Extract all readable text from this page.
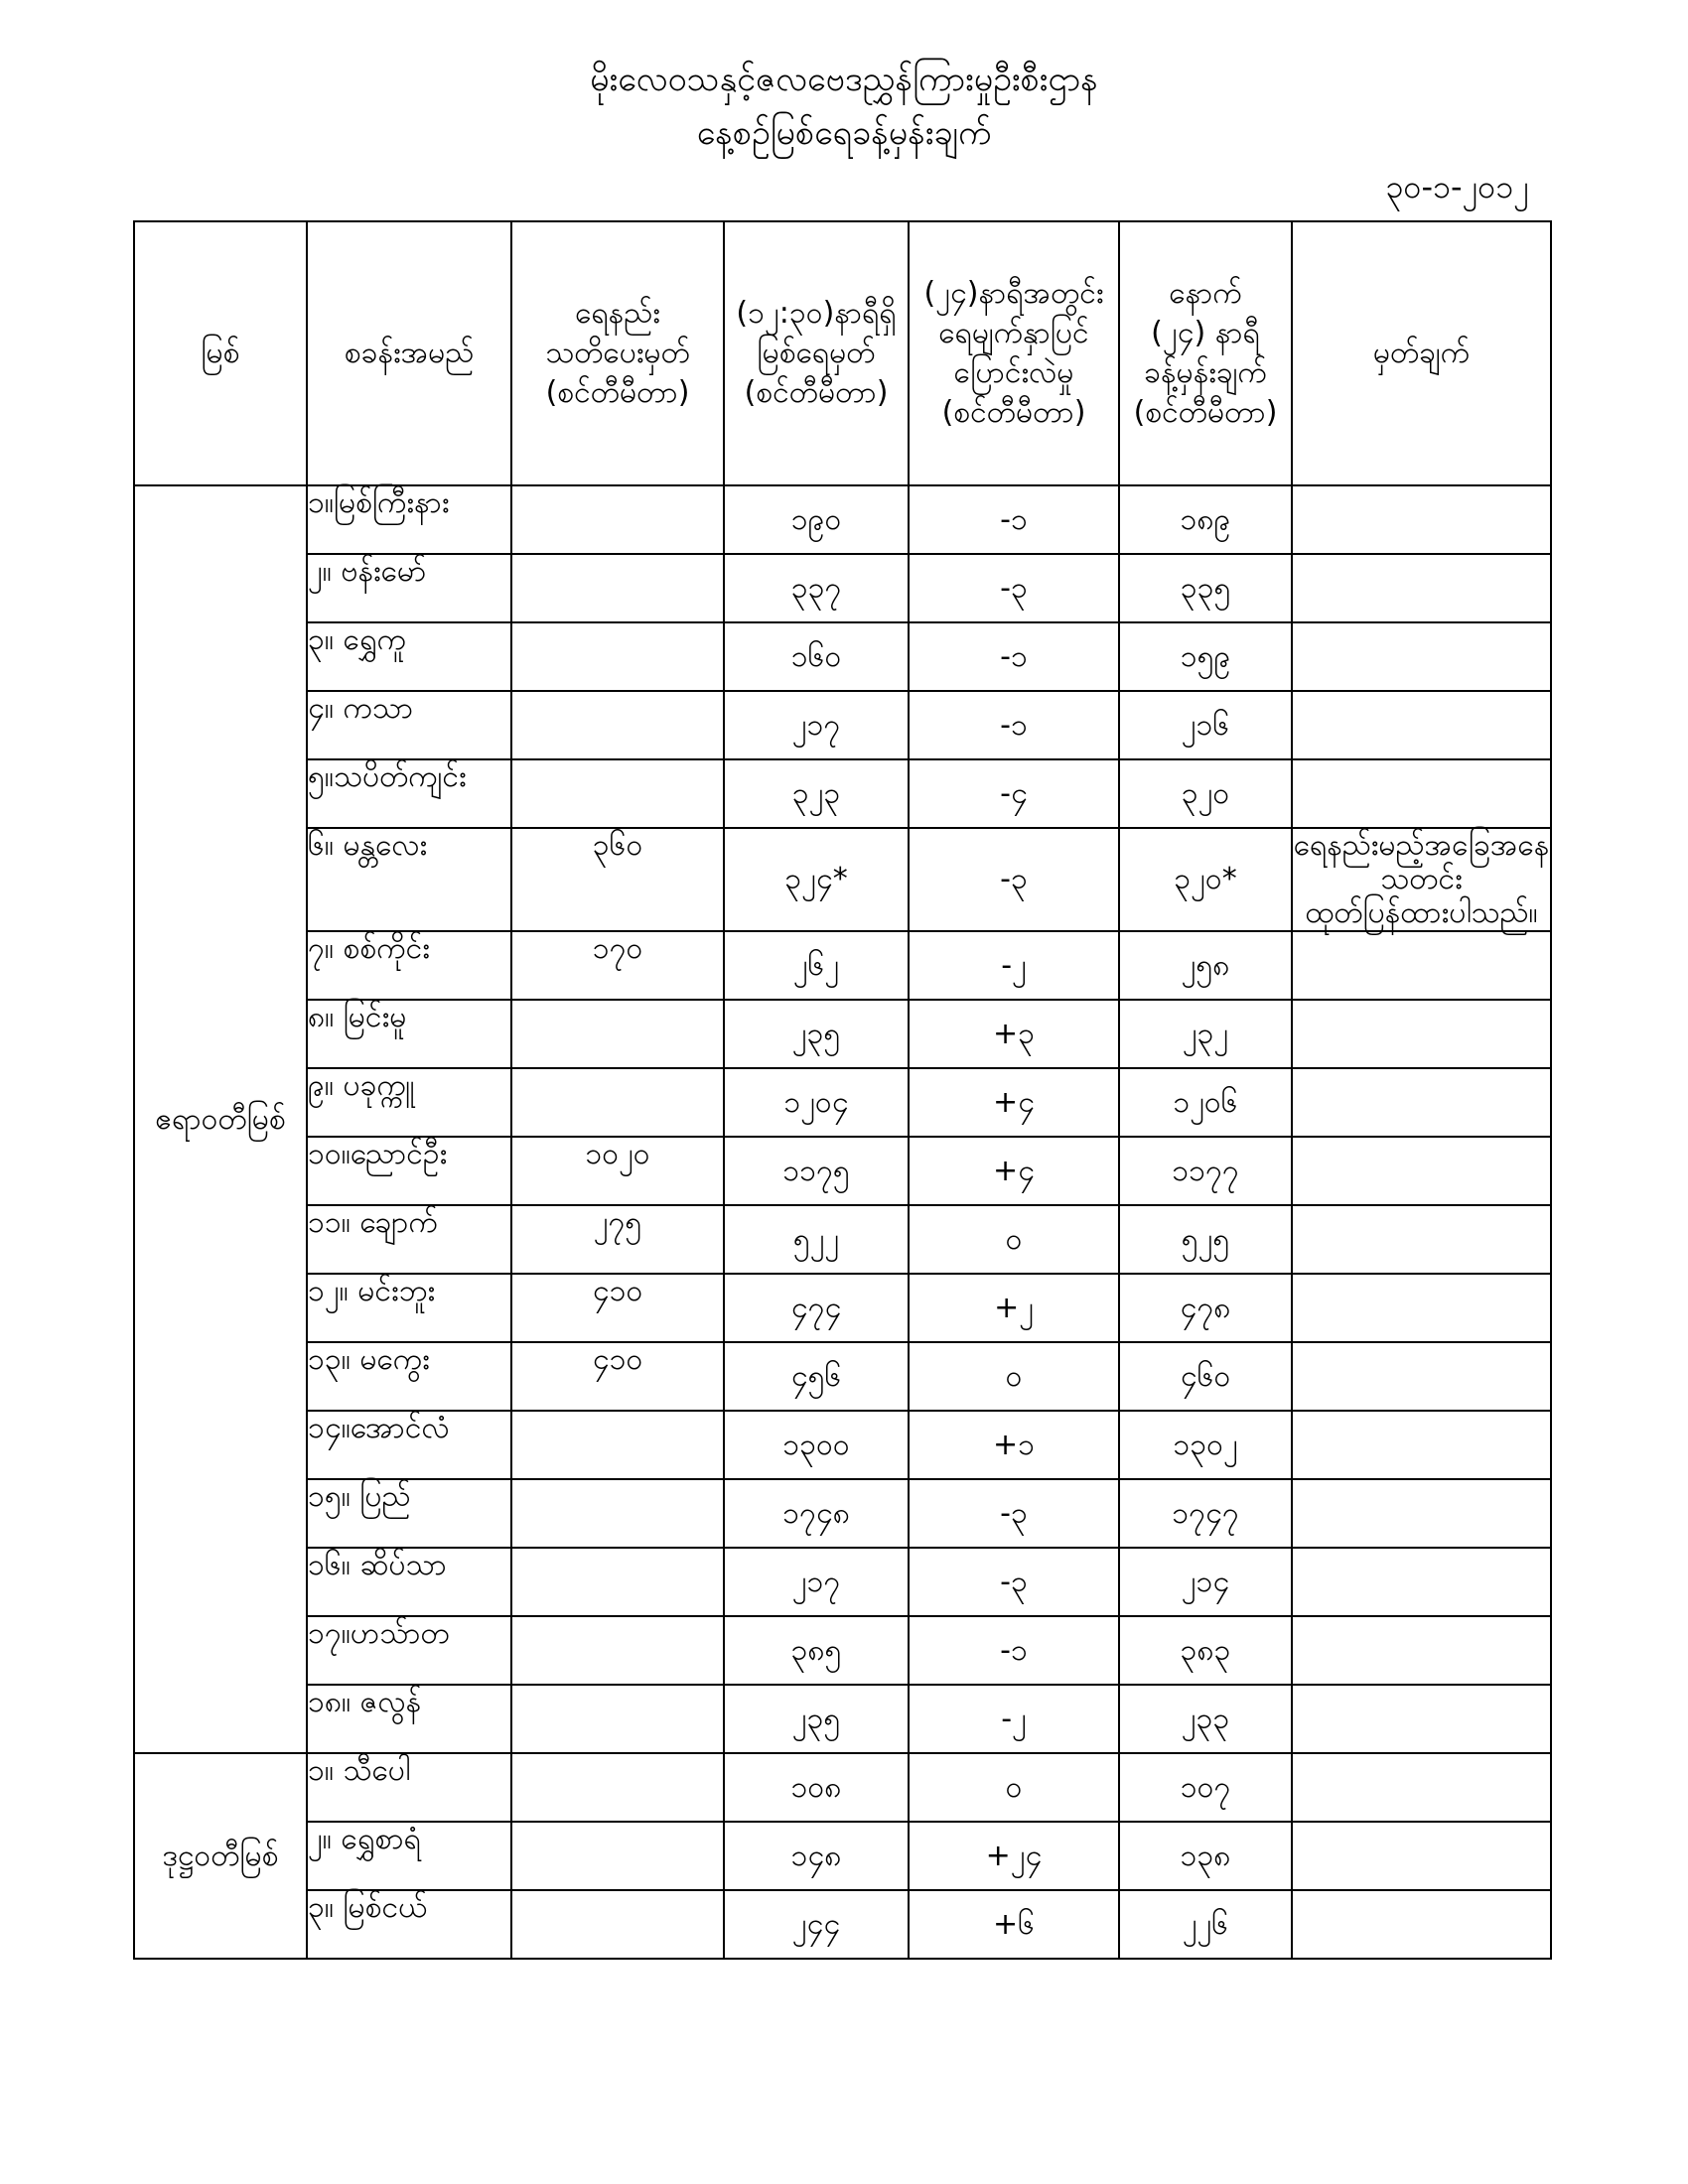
မိုးလေဝသနှင့်ဇလဗေဒညွှန်ကြားမှုဦးစီးဌာန
နေ့စဉ်မြစ်ရေခန့်မှန်းချက်
၃၀-၁-၂၀၁၂
မြစ်	စခန်းအမည်	ရေနည်း
သတိပေးမှတ်
(စင်တီမီတာ)	(၁၂:၃၀)နာရီရှိ
မြစ်ရေမှတ်
(စင်တီမီတာ)	(၂၄)နာရီအတွင်း
ရေမျက်နှာပြင်
ပြောင်းလဲမှု
(စင်တီမီတာ)	နောက်
(၂၄) နာရီ
ခန့်မှန်းချက်
(စင်တီမီတာ)	မှတ်ချက်
ဧရာဝတီမြစ်	၁။မြစ်ကြီးနား		၁၉၀	-၁	၁၈၉	
	၂။ ဗန်းမော်		၃၃၇	-၃	၃၃၅	
	၃။ ရွှေကူ		၁၆၀	-၁	၁၅၉	
	၄။ ကသာ		၂၁၇	-၁	၂၁၆	
	၅။သပိတ်ကျင်း		၃၂၃	-၄	၃၂၀	
	၆။ မန္တလေး	၃၆၀	၃၂၄*	-၃	၃၂၀*	ရေနည်းမည့်အခြေအနေသတင်း
ထုတ်ပြန်ထားပါသည်။
	၇။ စစ်ကိုင်း	၁၇၀	၂၆၂	-၂	၂၅၈	
	၈။ မြင်းမူ		၂၃၅	+၃	၂၃၂	
	၉။ ပခုက္ကူ		၁၂၀၄	+၄	၁၂၀၆	
	၁၀။ညောင်ဦး	၁၀၂၀	၁၁၇၅	+၄	၁၁၇၇	
	၁၁။ ချောက်	၂၇၅	၅၂၂	၀	၅၂၅	
	၁၂။ မင်းဘူး	၄၁၀	၄၇၄	+၂	၄၇၈	
	၁၃။ မကွေး	၄၁၀	၄၅၆	၀	၄၆၀	
	၁၄။အောင်လံ		၁၃၀၀	+၁	၁၃၀၂	
	၁၅။ ပြည်		၁၇၄၈	-၃	၁၇၄၇	
	၁၆။ ဆိပ်သာ		၂၁၇	-၃	၂၁၄	
	၁၇။ဟသ်ာတ		၃၈၅	-၁	၃၈၃	
	၁၈။ ဇလွန်		၂၃၅	-၂	၂၃၃	
ဒုဋ္ဌဝတီမြစ်	၁။ သီပေါ		၁၀၈	၀	၁၀၇	
	၂။ ရွှေစာရံ		၁၄၈	+၂၄	၁၃၈	
	၃။ မြစ်ငယ်		၂၄၄	+၆	၂၂၆	
